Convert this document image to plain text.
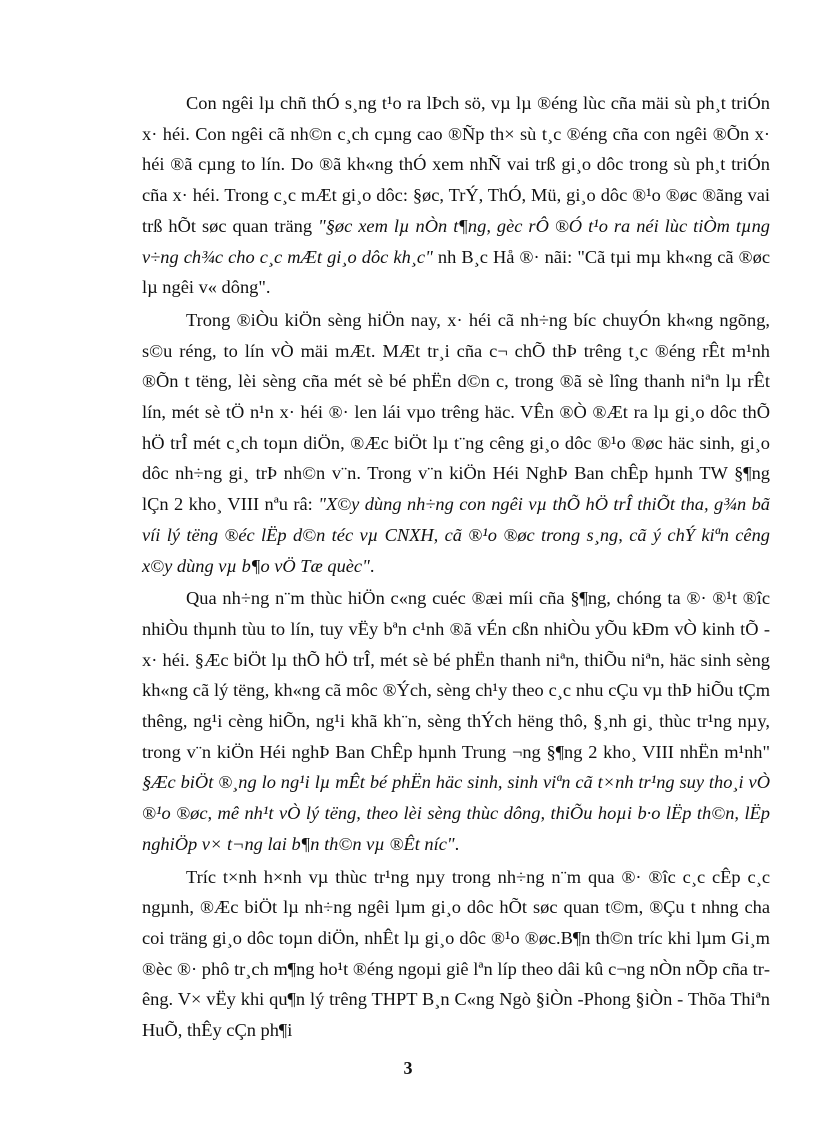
Con ngêi lµ chñ thÓ s¸ng t¹o ra lÞch sö, vµ lµ ®éng lùc cña mäi sù ph¸t triÓn x· héi. Con ngêi cã nh©n c¸ch cµng cao ®Ñp th× sù t¸c ®éng cña con ngêi ®Õn x· héi ®ã cµng to lín. Do ®ã kh«ng thÓ xem nhÑ vai trß gi¸o dôc trong sù ph¸t triÓn cña x· héi. Trong c¸c mÆt gi¸o dôc: §øc, TrÝ, ThÓ, Mü, gi¸o dôc ®¹o ®øc ®ãng vai trß hÕt søc quan träng "§øc xem lµ nÒn t¶ng, gèc rÔ ®Ó t¹o ra néi lùc tiÒm tµng v÷ng ch¾c cho c¸c mÆt gi¸o dôc kh¸c" nh B¸c Hå ®· nãi: "Cã tµi mµ kh«ng cã ®øc lµ ngêi v« dông".

Trong ®iÒu kiÖn sèng hiÖn nay, x· héi cã nh÷ng bíc chuyÓn kh«ng ngõng, s©u réng, to lín vÒ mäi mÆt. MÆt tr¸i cña c¬ chÕ thÞ trêng t¸c ®éng rÊt m¹nh ®Õn t tëng, lèi sèng cña mét sè bé phËn d©n c, trong ®ã sè lîng thanh niªn lµ rÊt lín, mét sè tÖ n¹n x· héi ®· len lái vµo trêng häc. VÊn ®Ò ®Æt ra lµ gi¸o dôc thÕ hÖ trÎ mét c¸ch toµn diÖn, ®Æc biÖt lµ t¨ng cêng gi¸o dôc ®¹o ®øc häc sinh, gi¸o dôc nh÷ng gi¸ trÞ nh©n v¨n. Trong v¨n kiÖn Héi NghÞ Ban chÊp hµnh TW §¶ng lÇn 2 kho¸ VIII nªu râ: "X©y dùng nh÷ng con ngêi vµ thÕ hÖ trÎ thiÕt tha, g¾n bã víi lý tëng ®éc lËp d©n téc vµ CNXH, cã ®¹o ®øc trong s¸ng, cã ý chÝ kiªn cêng x©y dùng vµ b¶o vÖ Tæ quèc".

Qua nh÷ng n¨m thùc hiÖn c«ng cuéc ®æi míi cña §¶ng, chóng ta ®· ®¹t ®îc nhiÒu thµnh tùu to lín, tuy vËy bªn c¹nh ®ã vÉn cßn nhiÒu yÕu kÐm vÒ kinh tÕ -x· héi. §Æc biÖt lµ thÕ hÖ trÎ, mét sè bé phËn thanh niªn, thiÕu niªn, häc sinh sèng kh«ng cã lý tëng, kh«ng cã môc ®Ých, sèng ch¹y theo c¸c nhu cÇu vµ thÞ hiÕu tÇm thêng, ng¹i cèng hiÕn, ng¹i khã kh¨n, sèng thÝch hëng thô, §¸nh gi¸ thùc tr¹ng nµy, trong v¨n kiÖn Héi nghÞ Ban ChÊp hµnh Trung ¬ng §¶ng 2 kho¸ VIII nhËn m¹nh" §Æc biÖt ®¸ng lo ng¹i lµ mÊt bé phËn häc sinh, sinh viªn cã t×nh tr¹ng suy tho¸i vÒ ®¹o ®øc, mê nh¹t vÒ lý tëng, theo lèi sèng thùc dông, thiÕu hoµi b·o lËp th©n, lËp nghiÖp v× t¬ng lai b¶n th©n vµ ®Êt níc".

Tríc t×nh h×nh vµ thùc tr¹ng nµy trong nh÷ng n¨m qua ®· ®îc c¸c cÊp c¸c ngµnh, ®Æc biÖt lµ nh÷ng ngêi lµm gi¸o dôc hÕt søc quan t©m, ®Çu t nhng cha coi träng gi¸o dôc toµn diÖn, nhÊt lµ gi¸o dôc ®¹o ®øc.B¶n th©n tríc khi lµm Gi¸m ®èc ®· phô tr¸ch m¶ng ho¹t ®éng ngoµi giê lªn líp theo dâi kû c¬ng nÒn nÕp cña trêng. V× vËy khi qu¶n lý trêng THPT B¸n C«ng Ngò §iÒn -Phong §iÒn - Thõa Thiªn HuÕ, thÊy cÇn ph¶i

3
